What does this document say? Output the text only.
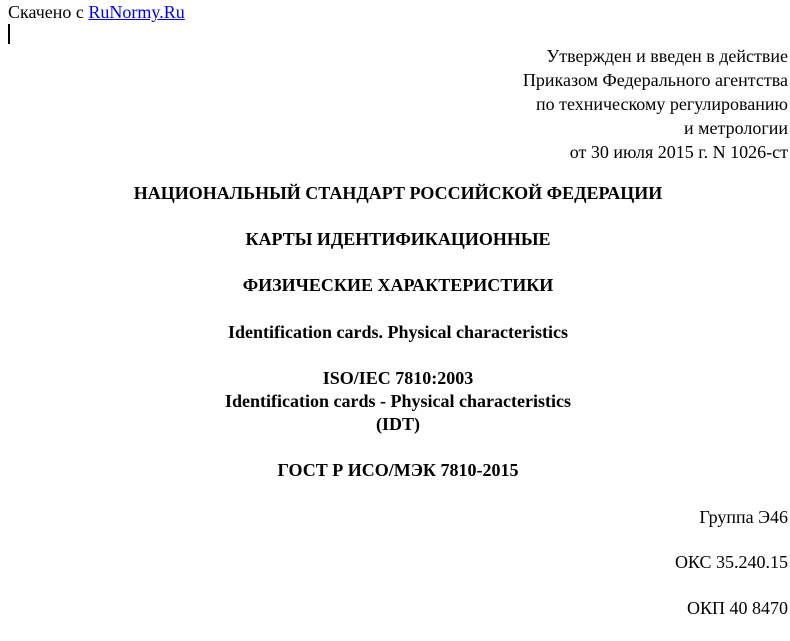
Скачено с RuNormy.Ru
Утвержден и введен в действие
Приказом Федерального агентства
по техническому регулированию
и метрологии
от 30 июля 2015 г. N 1026-ст
НАЦИОНАЛЬНЫЙ СТАНДАРТ РОССИЙСКОЙ ФЕДЕРАЦИИ
КАРТЫ ИДЕНТИФИКАЦИОННЫЕ
ФИЗИЧЕСКИЕ ХАРАКТЕРИСТИКИ
Identification cards. Physical characteristics
ISO/IEC 7810:2003
Identification cards - Physical characteristics
(IDT)
ГОСТ Р ИСО/МЭК 7810-2015
Группа Э46
ОКС 35.240.15
ОКП 40 8470
